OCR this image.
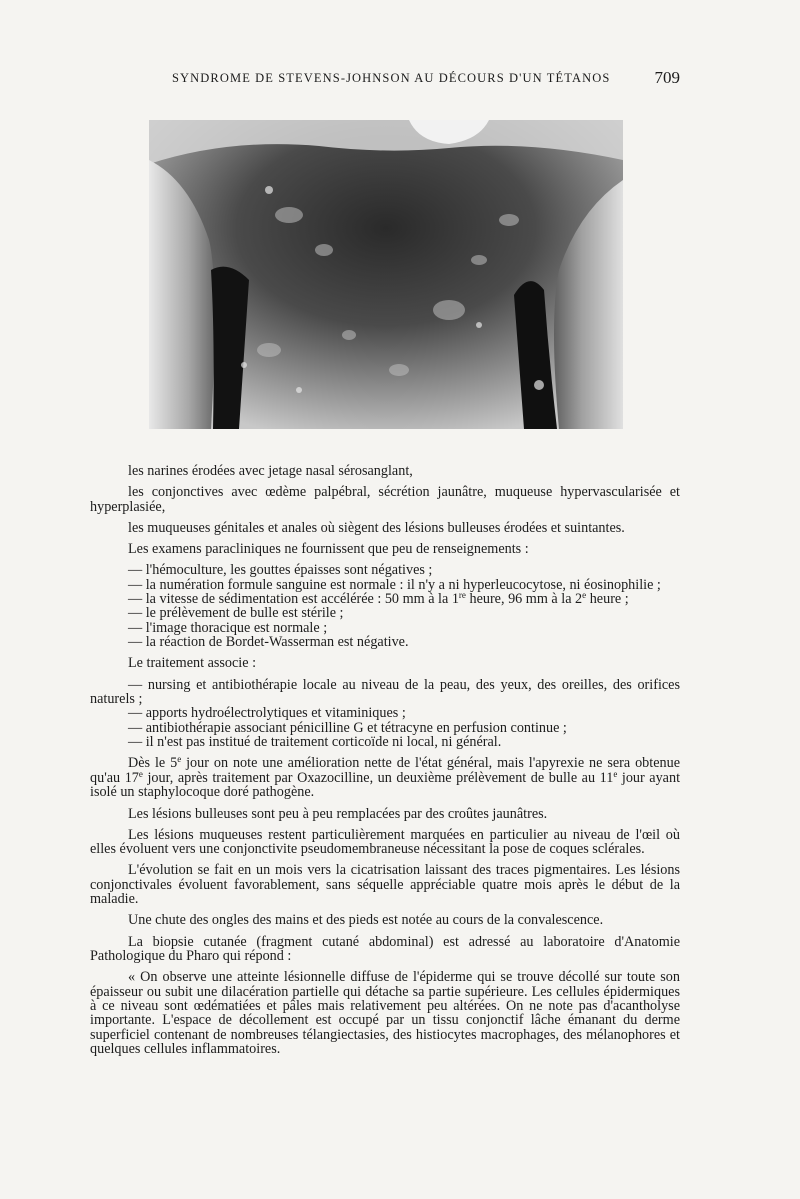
SYNDROME DE STEVENS-JOHNSON AU DÉCOURS D'UN TÉTANOS	709

les narines érodées avec jetage nasal sérosanglant,

les conjonctives avec œdème palpébral, sécrétion jaunâtre, muqueuse hypervascularisée et hyperplasiée,

les muqueuses génitales et anales où siègent des lésions bulleuses érodées et suintantes.

Les examens paracliniques ne fournissent que peu de renseignements :

— l'hémoculture, les gouttes épaisses sont négatives ;

— la numération formule sanguine est normale : il n'y a ni hyperleucocytose, ni éosinophilie ;

— la vitesse de sédimentation est accélérée : 50 mm à la 1re heure, 96 mm à la 2e heure ;

— le prélèvement de bulle est stérile ;

— l'image thoracique est normale ;

— la réaction de Bordet-Wasserman est négative.

Le traitement associe :

— nursing et antibiothérapie locale au niveau de la peau, des yeux, des oreilles, des orifices naturels ;

— apports hydroélectrolytiques et vitaminiques ;

— antibiothérapie associant pénicilline G et tétracyne en perfusion continue ;

— il n'est pas institué de traitement corticoïde ni local, ni général.

Dès le 5e jour on note une amélioration nette de l'état général, mais l'apyrexie ne sera obtenue qu'au 17e jour, après traitement par Oxazocilline, un deuxième prélèvement de bulle au 11e jour ayant isolé un staphylocoque doré pathogène.

Les lésions bulleuses sont peu à peu remplacées par des croûtes jaunâtres.

Les lésions muqueuses restent particulièrement marquées en particulier au niveau de l'œil où elles évoluent vers une conjonctivite pseudomembraneuse nécessitant la pose de coques sclérales.

L'évolution se fait en un mois vers la cicatrisation laissant des traces pigmentaires. Les lésions conjonctivales évoluent favorablement, sans séquelle appréciable quatre mois après le début de la maladie.

Une chute des ongles des mains et des pieds est notée au cours de la convalescence.

La biopsie cutanée (fragment cutané abdominal) est adressé au laboratoire d'Anatomie Pathologique du Pharo qui répond :

« On observe une atteinte lésionnelle diffuse de l'épiderme qui se trouve décollé sur toute son épaisseur ou subit une dilacération partielle qui détache sa partie supérieure. Les cellules épidermiques à ce niveau sont œdématiées et pâles mais relativement peu altérées. On ne note pas d'acantholyse importante. L'espace de décollement est occupé par un tissu conjonctif lâche émanant du derme superficiel contenant de nombreuses télangiectasies, des histiocytes macrophages, des mélanophores et quelques cellules inflammatoires.
